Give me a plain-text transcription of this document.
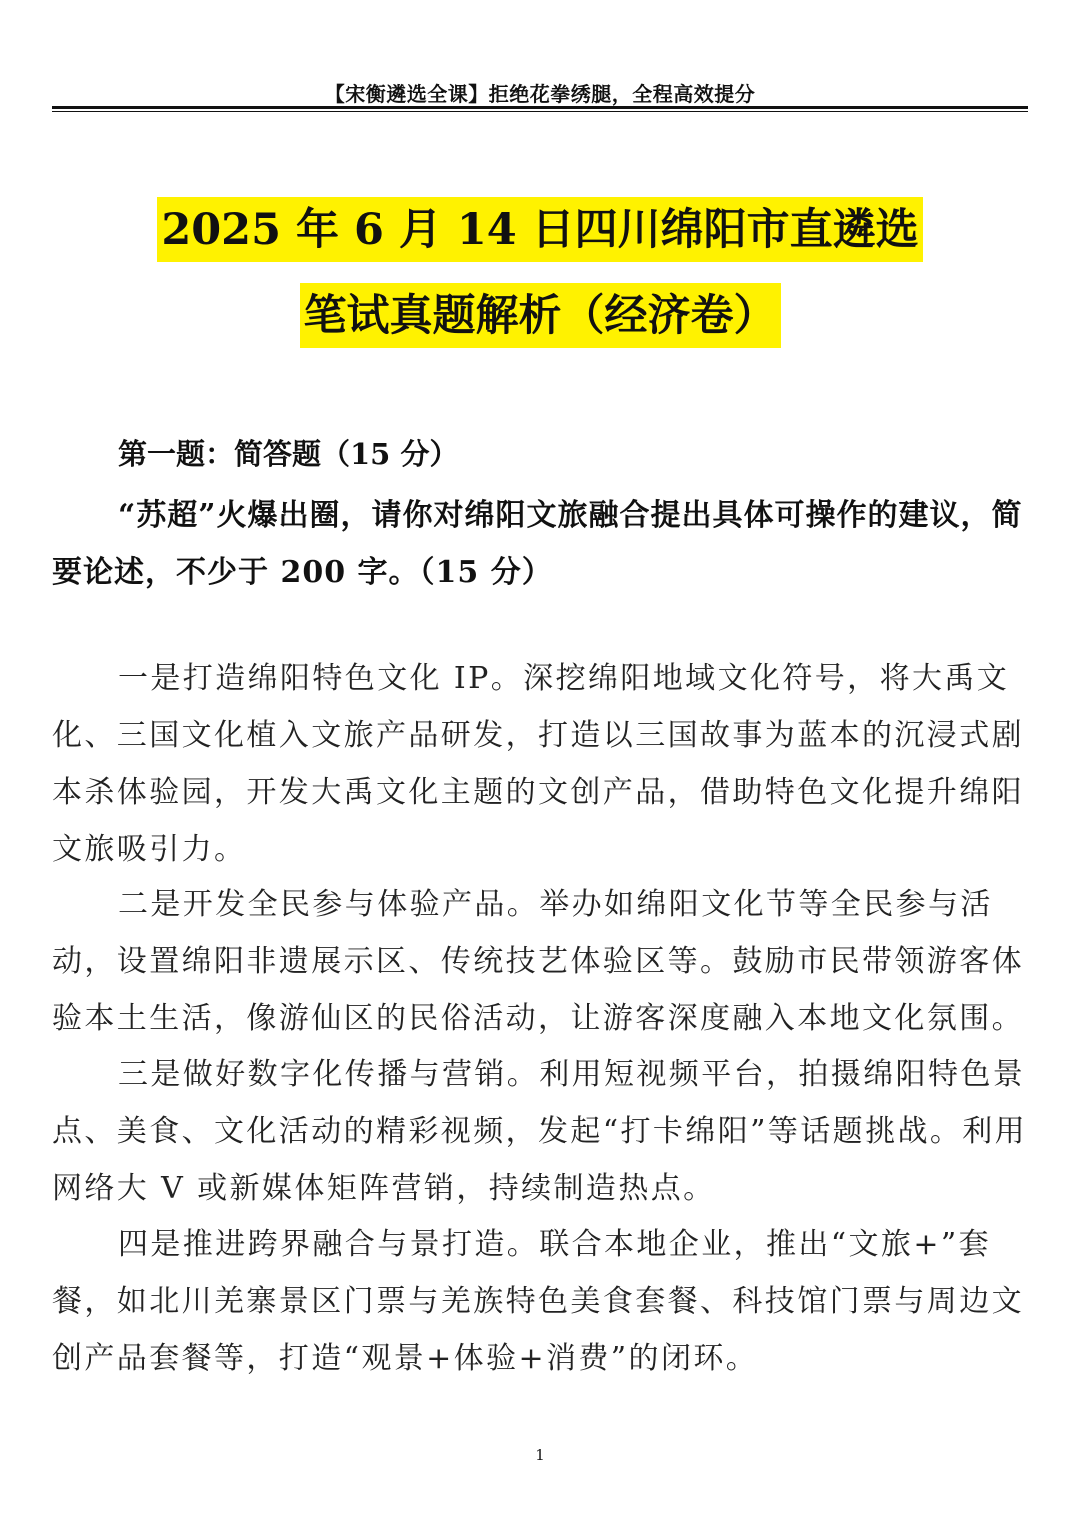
【宋衡遴选全课】拒绝花拳绣腿，全程高效提分
2025 年 6 月 14 日四川绵阳市直遴选
笔试真题解析（经济卷）
第一题：简答题（15 分）
“苏超”火爆出圈，请你对绵阳文旅融合提出具体可操作的建议，简要论述，不少于 200 字。（15 分）
一是打造绵阳特色文化 IP。深挖绵阳地域文化符号，将大禹文化、三国文化植入文旅产品研发，打造以三国故事为蓝本的沉浸式剧本杀体验园，开发大禹文化主题的文创产品，借助特色文化提升绵阳文旅吸引力。
二是开发全民参与体验产品。举办如绵阳文化节等全民参与活动，设置绵阳非遗展示区、传统技艺体验区等。鼓励市民带领游客体验本土生活，像游仙区的民俗活动，让游客深度融入本地文化氛围。
三是做好数字化传播与营销。利用短视频平台，拍摄绵阳特色景点、美食、文化活动的精彩视频，发起“打卡绵阳”等话题挑战。利用网络大 V 或新媒体矩阵营销，持续制造热点。
四是推进跨界融合与景打造。联合本地企业，推出“文旅+”套餐，如北川羌寨景区门票与羌族特色美食套餐、科技馆门票与周边文创产品套餐等，打造“观景+体验+消费”的闭环。
1
